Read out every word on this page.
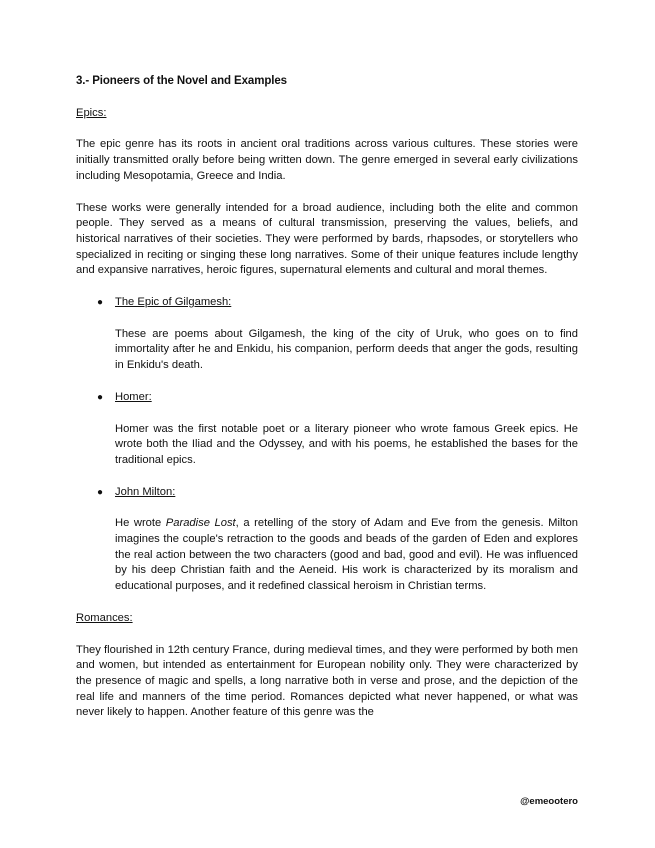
3.- Pioneers of the Novel and Examples
Epics:

The epic genre has its roots in ancient oral traditions across various cultures. These stories were initially transmitted orally before being written down. The genre emerged in several early civilizations including Mesopotamia, Greece and India.

These works were generally intended for a broad audience, including both the elite and common people. They served as a means of cultural transmission, preserving the values, beliefs, and historical narratives of their societies. They were performed by bards, rhapsodes, or storytellers who specialized in reciting or singing these long narratives. Some of their unique features include lengthy and expansive narratives, heroic figures, supernatural elements and cultural and moral themes.

● The Epic of Gilgamesh:
These are poems about Gilgamesh, the king of the city of Uruk, who goes on to find immortality after he and Enkidu, his companion, perform deeds that anger the gods, resulting in Enkidu's death.
● Homer:
Homer was the first notable poet or a literary pioneer who wrote famous Greek epics. He wrote both the Iliad and the Odyssey, and with his poems, he established the bases for the traditional epics.
● John Milton:
He wrote Paradise Lost, a retelling of the story of Adam and Eve from the genesis. Milton imagines the couple's retraction to the goods and beads of the garden of Eden and explores the real action between the two characters (good and bad, good and evil). He was influenced by his deep Christian faith and the Aeneid. His work is characterized by its moralism and educational purposes, and it redefined classical heroism in Christian terms.
Romances:

They flourished in 12th century France, during medieval times, and they were performed by both men and women, but intended as entertainment for European nobility only. They were characterized by the presence of magic and spells, a long narrative both in verse and prose, and the depiction of the real life and manners of the time period. Romances depicted what never happened, or what was never likely to happen. Another feature of this genre was the

@emeootero
